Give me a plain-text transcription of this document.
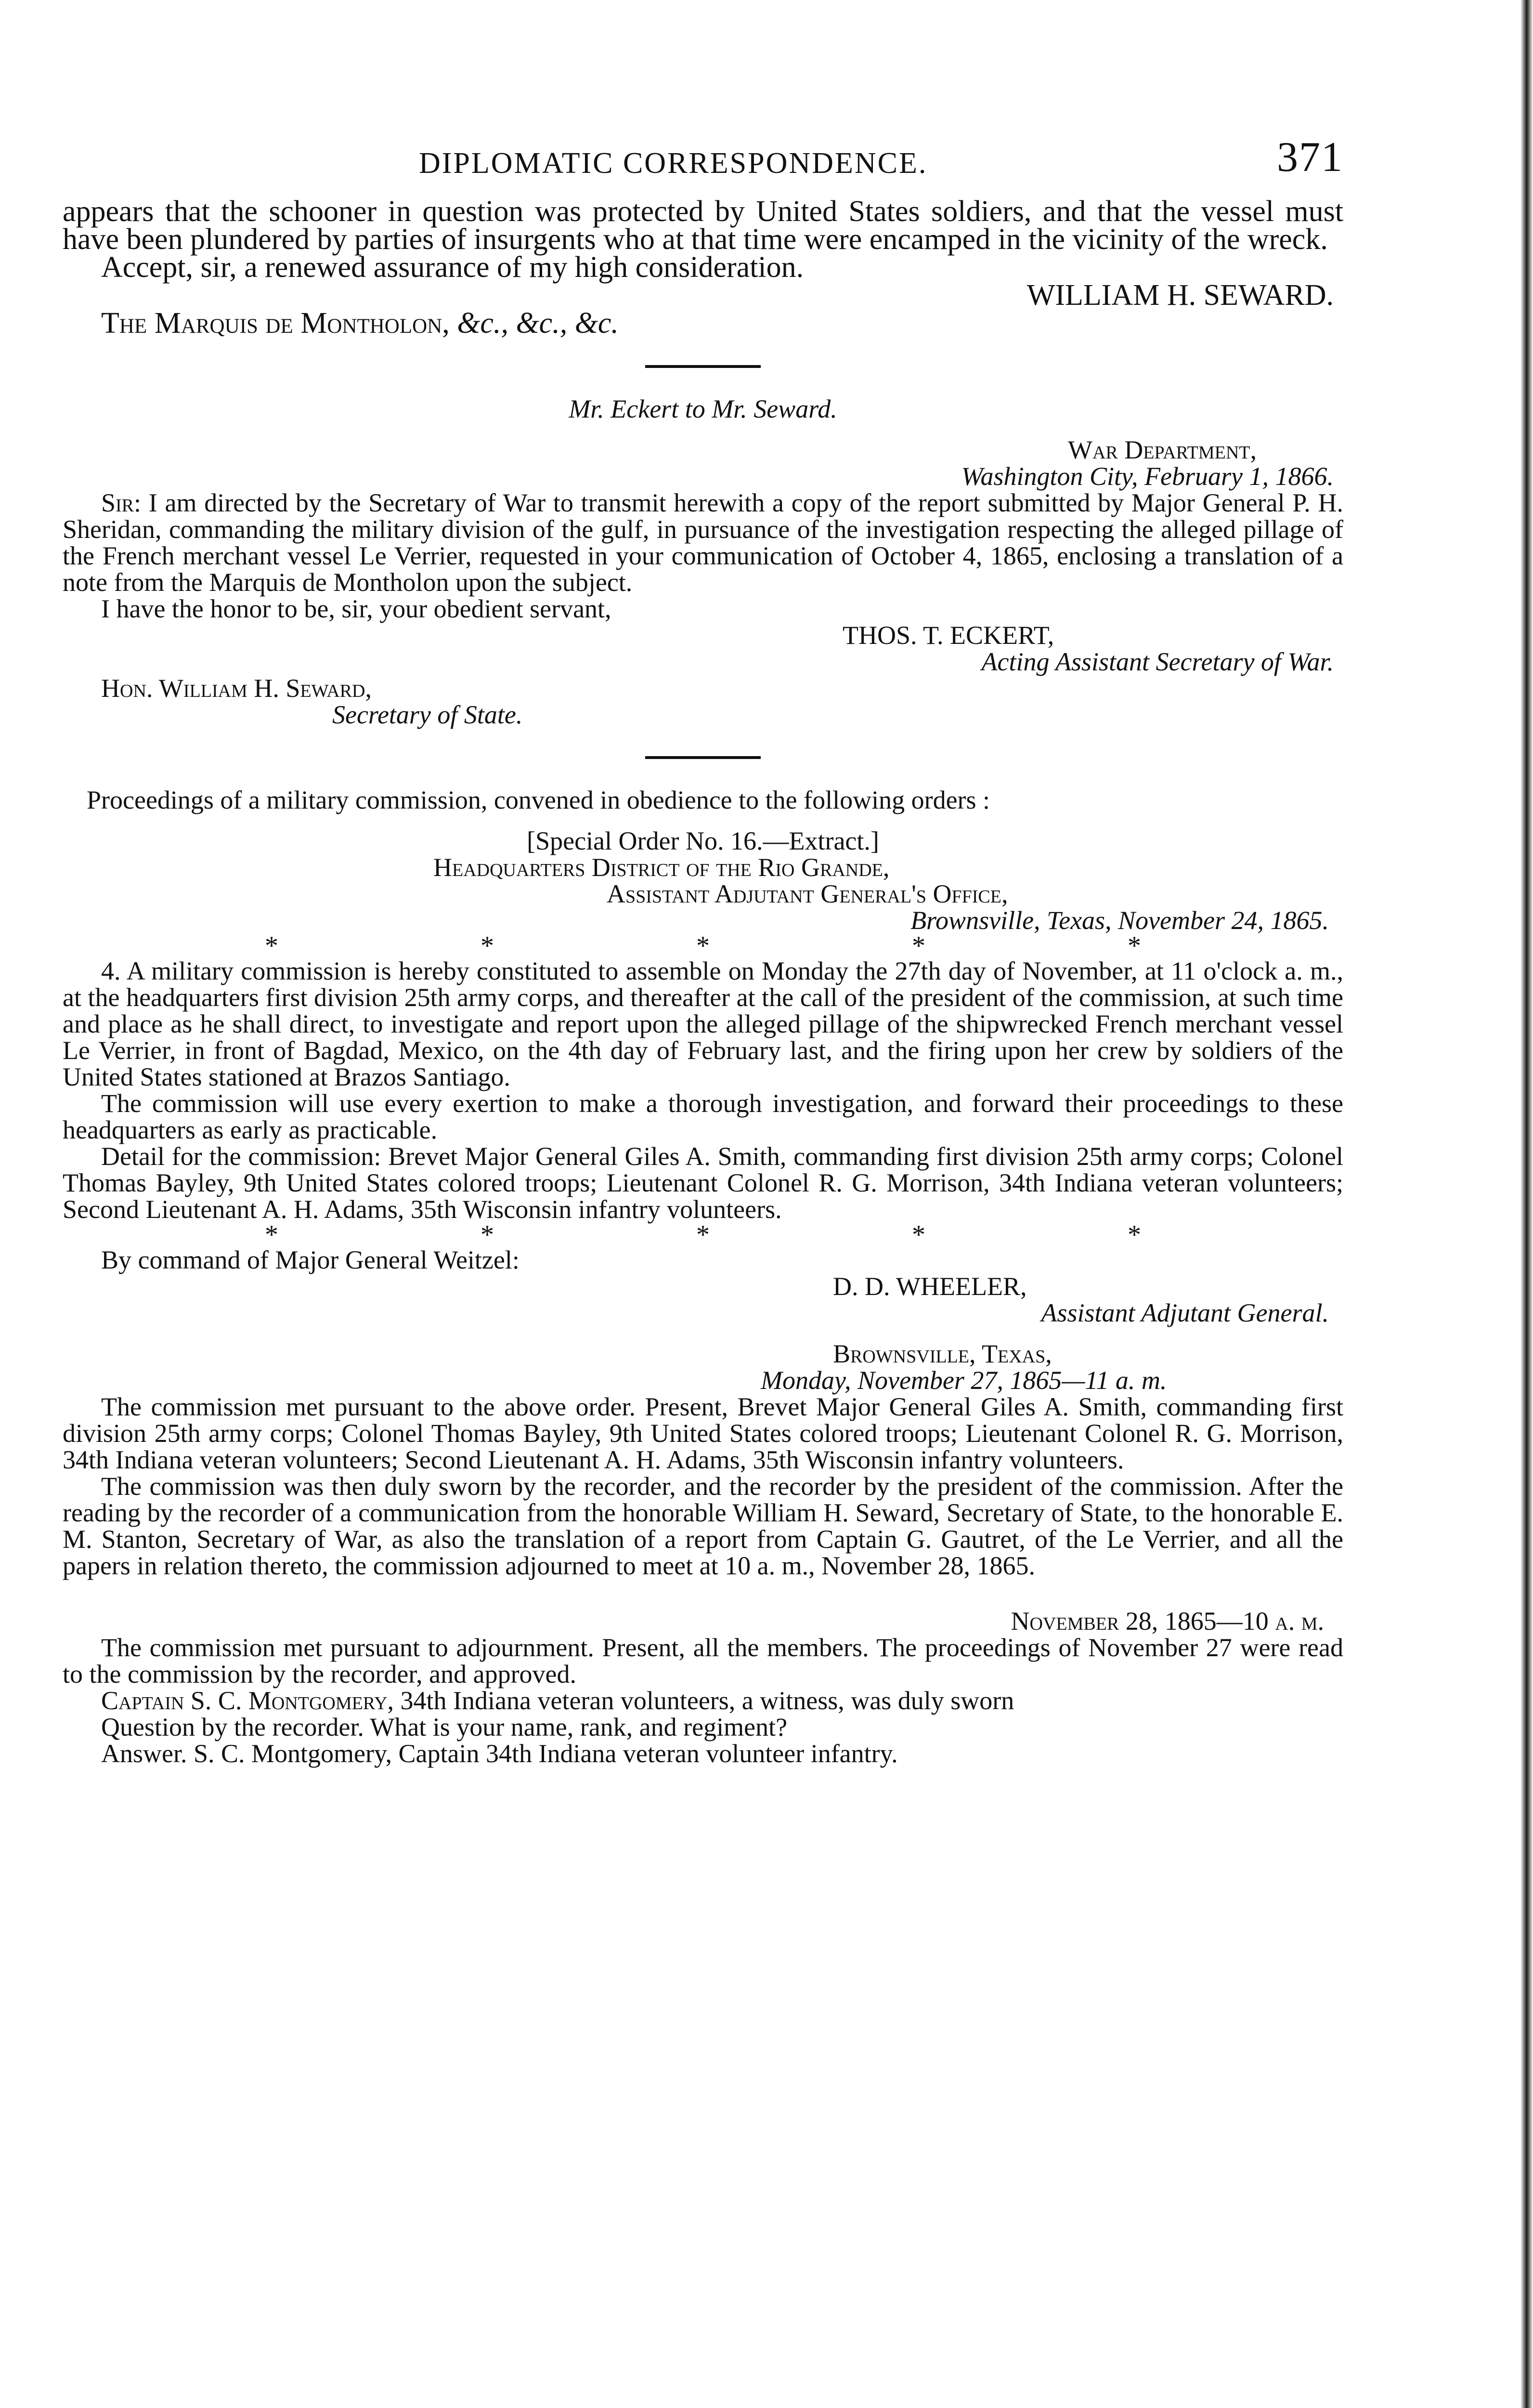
DIPLOMATIC CORRESPONDENCE.	371

appears that the schooner in question was protected by United States soldiers, and that the vessel must have been plundered by parties of insurgents who at that time were encamped in the vicinity of the wreck.

Accept, sir, a renewed assurance of my high consideration.

WILLIAM H. SEWARD.

The Marquis de Montholon, &c., &c., &c.

Mr. Eckert to Mr. Seward.

War Department,

Washington City, February 1, 1866.

Sir: I am directed by the Secretary of War to transmit herewith a copy of the report submitted by Major General P. H. Sheridan, commanding the military division of the gulf, in pursuance of the investigation respecting the alleged pillage of the French merchant vessel Le Verrier, requested in your communication of October 4, 1865, enclosing a translation of a note from the Marquis de Montholon upon the subject.

I have the honor to be, sir, your obedient servant,

THOS. T. ECKERT,

Acting Assistant Secretary of War.

Hon. William H. Seward,

Secretary of State.

Proceedings of a military commission, convened in obedience to the following orders :

[Special Order No. 16.—Extract.]

Headquarters District of the Rio Grande,

Assistant Adjutant General's Office,

Brownsville, Texas, November 24, 1865.

*	*	*	*	*

4. A military commission is hereby constituted to assemble on Monday the 27th day of November, at 11 o'clock a. m., at the headquarters first division 25th army corps, and thereafter at the call of the president of the commission, at such time and place as he shall direct, to investigate and report upon the alleged pillage of the shipwrecked French merchant vessel Le Verrier, in front of Bagdad, Mexico, on the 4th day of February last, and the firing upon her crew by soldiers of the United States stationed at Brazos Santiago.

The commission will use every exertion to make a thorough investigation, and forward their proceedings to these headquarters as early as practicable.

Detail for the commission: Brevet Major General Giles A. Smith, commanding first division 25th army corps; Colonel Thomas Bayley, 9th United States colored troops; Lieutenant Colonel R. G. Morrison, 34th Indiana veteran volunteers; Second Lieutenant A. H. Adams, 35th Wisconsin infantry volunteers.

*	*	*	*	*

By command of Major General Weitzel:

D. D. WHEELER,

Assistant Adjutant General.

Brownsville, Texas,

Monday, November 27, 1865—11 a. m.

The commission met pursuant to the above order. Present, Brevet Major General Giles A. Smith, commanding first division 25th army corps; Colonel Thomas Bayley, 9th United States colored troops; Lieutenant Colonel R. G. Morrison, 34th Indiana veteran volunteers; Second Lieutenant A. H. Adams, 35th Wisconsin infantry volunteers.

The commission was then duly sworn by the recorder, and the recorder by the president of the commission. After the reading by the recorder of a communication from the honorable William H. Seward, Secretary of State, to the honorable E. M. Stanton, Secretary of War, as also the translation of a report from Captain G. Gautret, of the Le Verrier, and all the papers in relation thereto, the commission adjourned to meet at 10 a. m., November 28, 1865.

November 28, 1865—10 a. m.

The commission met pursuant to adjournment. Present, all the members. The proceedings of November 27 were read to the commission by the recorder, and approved.

Captain S. C. Montgomery, 34th Indiana veteran volunteers, a witness, was duly sworn

Question by the recorder. What is your name, rank, and regiment?

Answer. S. C. Montgomery, Captain 34th Indiana veteran volunteer infantry.
